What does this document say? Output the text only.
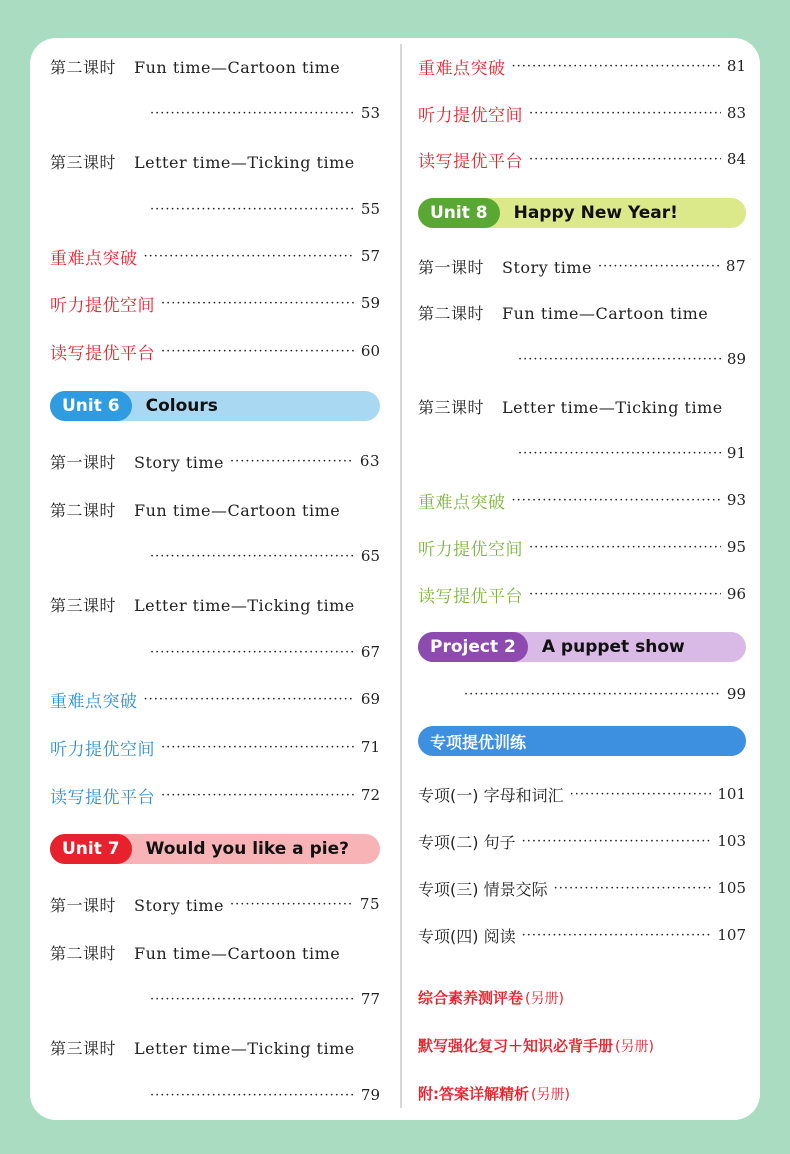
第二课时 Fun time—Cartoon time
·····
53
第三课时 Letter time—Ticking time
·····
55
重难点突破 ·····	57
听力提优空间 ·····	59
读写提优平台 ·····	60
Unit 6	Colours
第一课时 Story time ·····	63
第二课时 Fun time—Cartoon time
·····
65
第三课时 Letter time—Ticking time
·····
67
重难点突破 ·····	69
听力提优空间 ·····	71
读写提优平台 ·····	72
Unit 7	Would you like a pie?
第一课时 Story time ·····	75
第二课时 Fun time—Cartoon time
·····
77
第三课时 Letter time—Ticking time
·····
79
重难点突破 ·····	81
听力提优空间 ·····	83
读写提优平台 ·····	84
Unit 8	Happy New Year!
第一课时 Story time ·····	87
第二课时 Fun time—Cartoon time
·····
89
第三课时 Letter time—Ticking time
·····
91
重难点突破 ·····	93
听力提优空间 ·····	95
读写提优平台 ·····	96
Project 2	A puppet show
·····
99
专项提优训练
专项(一) 字母和词汇 ·····	101
专项(二) 句子 ·····	103
专项(三) 情景交际 ·····	105
专项(四) 阅读 ·····	107
综合素养测评卷 (另册)
默写强化复习＋知识必背手册 (另册)
附:答案详解精析 (另册)
